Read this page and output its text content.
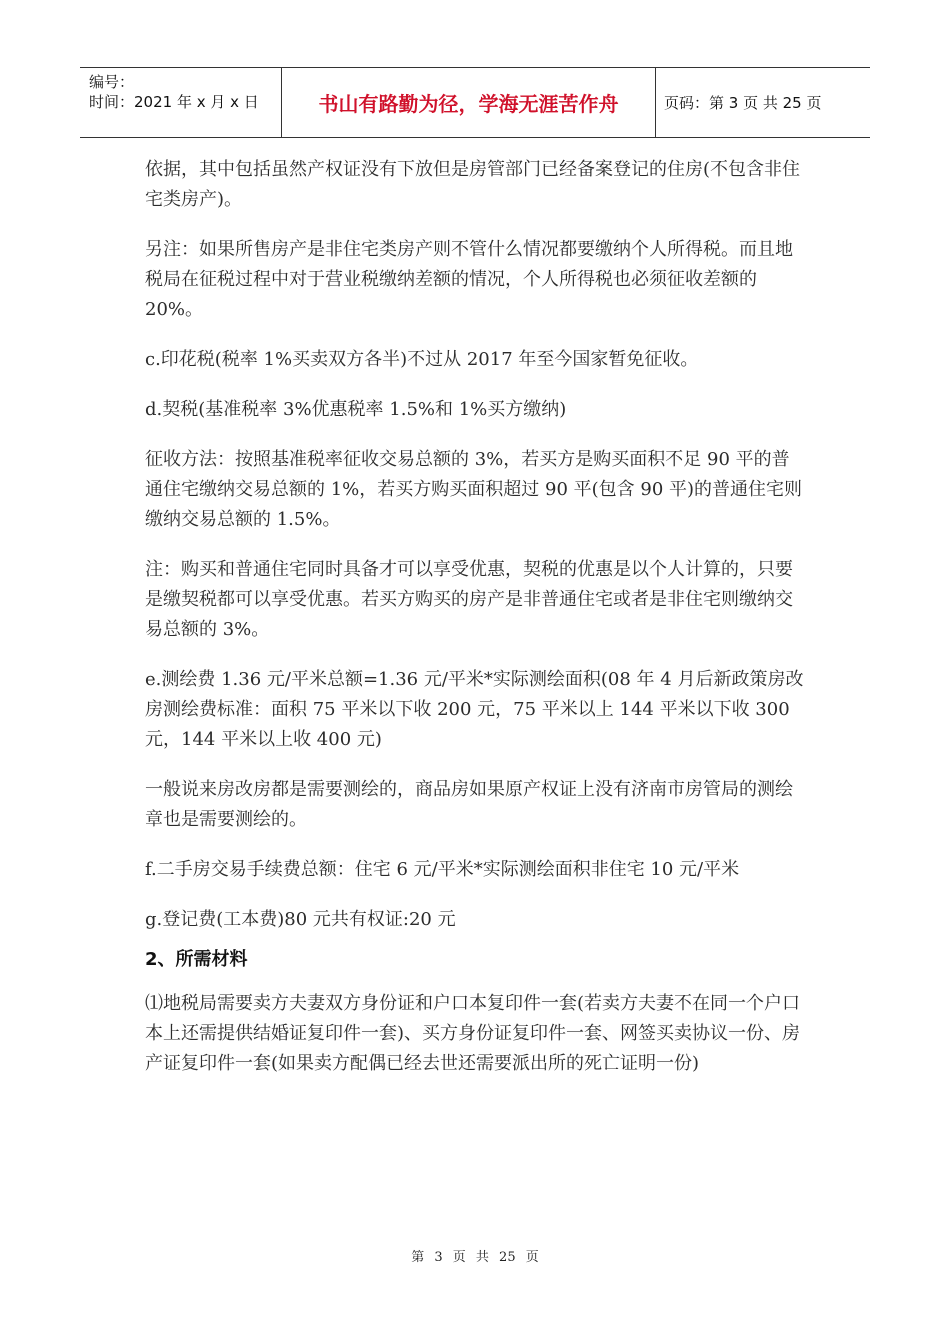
编号：
时间：2021 年 x 月 x 日	书山有路勤为径，学海无涯苦作舟	页码：第 3 页 共 25 页

依据，其中包括虽然产权证没有下放但是房管部门已经备案登记的住房(不包含非住宅类房产)。

另注：如果所售房产是非住宅类房产则不管什么情况都要缴纳个人所得税。而且地税局在征税过程中对于营业税缴纳差额的情况，个人所得税也必须征收差额的 20%。

c.印花税(税率 1%买卖双方各半)不过从 2017 年至今国家暂免征收。

d.契税(基准税率 3%优惠税率 1.5%和 1%买方缴纳)

征收方法：按照基准税率征收交易总额的 3%，若买方是购买面积不足 90 平的普通住宅缴纳交易总额的 1%，若买方购买面积超过 90 平(包含 90 平)的普通住宅则缴纳交易总额的 1.5%。

注：购买和普通住宅同时具备才可以享受优惠，契税的优惠是以个人计算的，只要是缴契税都可以享受优惠。若买方购买的房产是非普通住宅或者是非住宅则缴纳交易总额的 3%。

e.测绘费 1.36 元/平米总额=1.36 元/平米*实际测绘面积(08 年 4 月后新政策房改房测绘费标准：面积 75 平米以下收 200 元，75 平米以上 144 平米以下收 300 元，144 平米以上收 400 元)

一般说来房改房都是需要测绘的，商品房如果原产权证上没有济南市房管局的测绘章也是需要测绘的。

f.二手房交易手续费总额：住宅 6 元/平米*实际测绘面积非住宅 10 元/平米

g.登记费(工本费)80 元共有权证:20 元

2、所需材料

⑴地税局需要卖方夫妻双方身份证和户口本复印件一套(若卖方夫妻不在同一个户口本上还需提供结婚证复印件一套)、买方身份证复印件一套、网签买卖协议一份、房产证复印件一套(如果卖方配偶已经去世还需要派出所的死亡证明一份)

第 3 页 共 25 页
